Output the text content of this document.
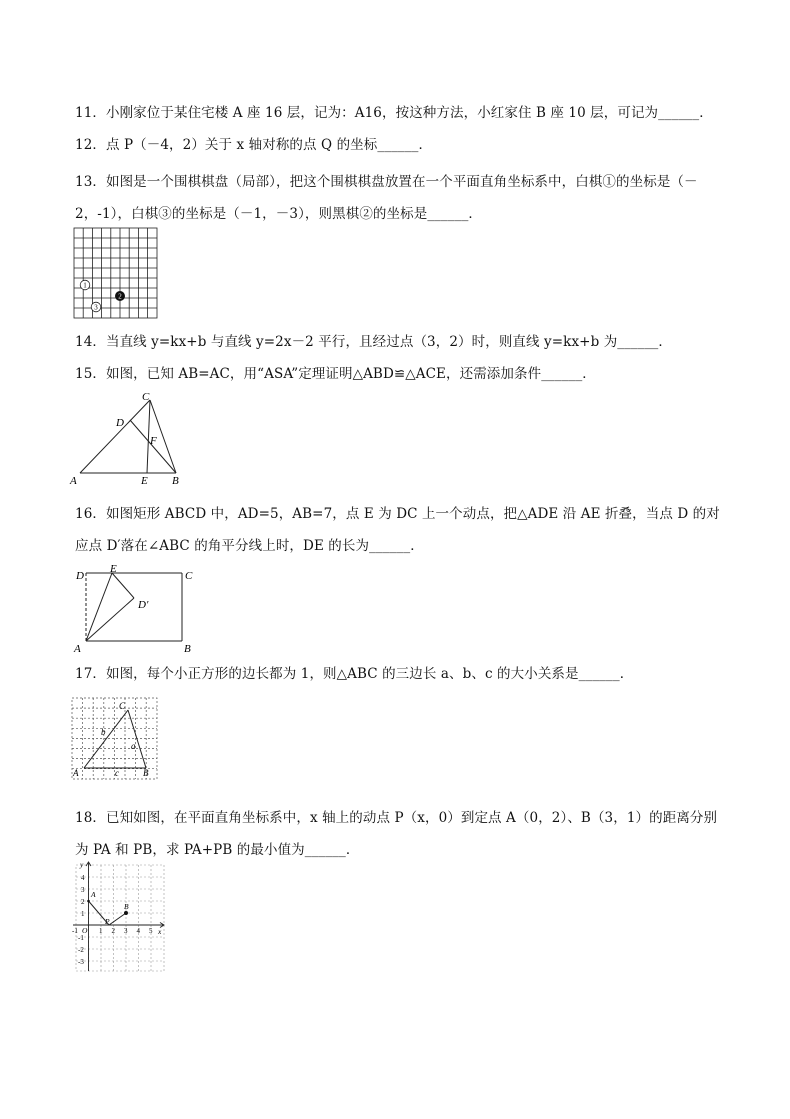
11．小刚家位于某住宅楼 A 座 16 层，记为：A16，按这种方法，小红家住 B 座 10 层，可记为______．
12．点 P（－4，2）关于 x 轴对称的点 Q 的坐标______．
13．如图是一个围棋棋盘（局部），把这个围棋棋盘放置在一个平面直角坐标系中，白棋①的坐标是（－2，-1），白棋③的坐标是（－1，－3），则黑棋②的坐标是______．
14．当直线 y=kx+b 与直线 y=2x－2 平行，且经过点（3，2）时，则直线 y=kx+b 为______．
15．如图，已知 AB=AC，用“ASA”定理证明△ABD≌△ACE，还需添加条件______．
16．如图矩形 ABCD 中，AD=5，AB=7，点 E 为 DC 上一个动点，把△ADE 沿 AE 折叠，当点 D 的对应点 D′落在∠ABC 的角平分线上时，DE 的长为______．
17．如图，每个小正方形的边长都为 1，则△ABC 的三边长 a、b、c 的大小关系是______．
18．已知如图，在平面直角坐标系中，x 轴上的动点 P（x，0）到定点 A（0，2）、B（3，1）的距离分别为 PA 和 PB，求 PA+PB 的最小值为______．
1
2
3
A	B
C
D
E
F
D
E
C
D′
A	B
C
A	B
b
a
c
y
x
A
B
P
O
-1	1 2 3 4 5
4
3
2
1
-1
-2
-3
